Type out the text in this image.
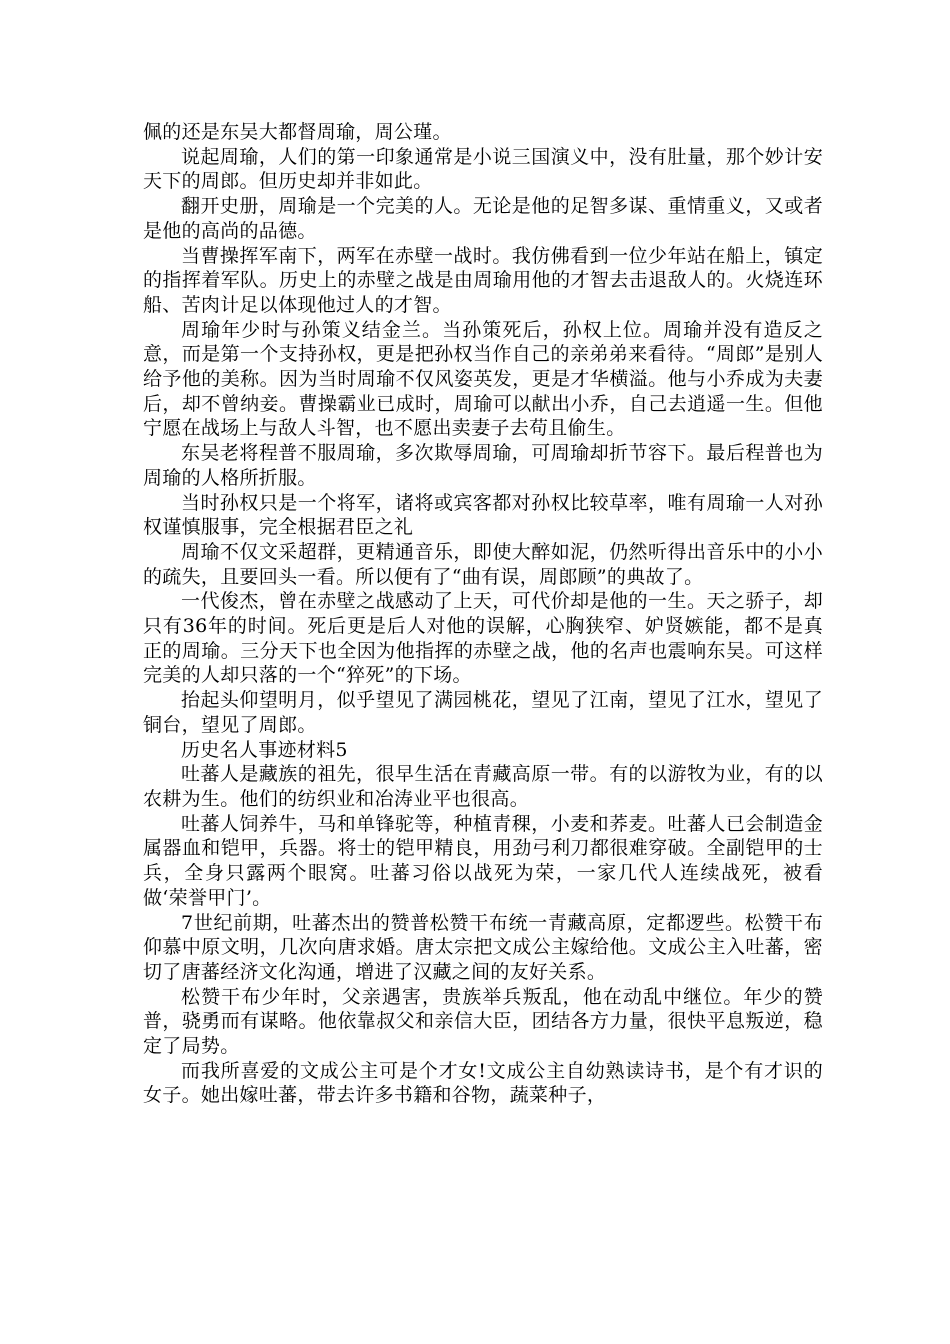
佩的还是东吴大都督周瑜，周公瑾。

说起周瑜，人们的第一印象通常是小说三国演义中，没有肚量，那个妙计安天下的周郎。但历史却并非如此。

翻开史册，周瑜是一个完美的人。无论是他的足智多谋、重情重义，又或者是他的高尚的品德。

当曹操挥军南下，两军在赤壁一战时。我仿佛看到一位少年站在船上，镇定的指挥着军队。历史上的赤壁之战是由周瑜用他的才智去击退敌人的。火烧连环船、苦肉计足以体现他过人的才智。

周瑜年少时与孙策义结金兰。当孙策死后，孙权上位。周瑜并没有造反之意，而是第一个支持孙权，更是把孙权当作自己的亲弟弟来看待。“周郎”是别人给予他的美称。因为当时周瑜不仅风姿英发，更是才华横溢。他与小乔成为夫妻后，却不曾纳妾。曹操霸业已成时，周瑜可以献出小乔，自己去逍遥一生。但他宁愿在战场上与敌人斗智，也不愿出卖妻子去苟且偷生。

东吴老将程普不服周瑜，多次欺辱周瑜，可周瑜却折节容下。最后程普也为周瑜的人格所折服。

当时孙权只是一个将军，诸将或宾客都对孙权比较草率，唯有周瑜一人对孙权谨慎服事，完全根据君臣之礼

周瑜不仅文采超群，更精通音乐，即使大醉如泥，仍然听得出音乐中的小小的疏失，且要回头一看。所以便有了“曲有误，周郎顾”的典故了。

一代俊杰，曾在赤壁之战感动了上天，可代价却是他的一生。天之骄子，却只有36年的时间。死后更是后人对他的误解，心胸狭窄、妒贤嫉能，都不是真正的周瑜。三分天下也全因为他指挥的赤壁之战，他的名声也震响东吴。可这样完美的人却只落的一个“猝死”的下场。

抬起头仰望明月，似乎望见了满园桃花，望见了江南，望见了江水，望见了铜台，望见了周郎。

历史名人事迹材料5

吐蕃人是藏族的祖先，很早生活在青藏高原一带。有的以游牧为业，有的以农耕为生。他们的纺织业和冶涛业平也很高。

吐蕃人饲养牛，马和单锋驼等，种植青稞，小麦和荞麦。吐蕃人已会制造金属器血和铠甲，兵器。将士的铠甲精良，用劲弓利刀都很难穿破。全副铠甲的士兵，全身只露两个眼窝。吐蕃习俗以战死为荣，一家几代人连续战死，被看做‘荣誉甲门’。

7世纪前期，吐蕃杰出的赞普松赞干布统一青藏高原，定都逻些。松赞干布仰慕中原文明，几次向唐求婚。唐太宗把文成公主嫁给他。文成公主入吐蕃，密切了唐蕃经济文化沟通，增进了汉藏之间的友好关系。

松赞干布少年时，父亲遇害，贵族举兵叛乱，他在动乱中继位。年少的赞普，骁勇而有谋略。他依靠叔父和亲信大臣，团结各方力量，很快平息叛逆，稳定了局势。

而我所喜爱的文成公主可是个才女!文成公主自幼熟读诗书，是个有才识的女子。她出嫁吐蕃，带去许多书籍和谷物，蔬菜种子，
